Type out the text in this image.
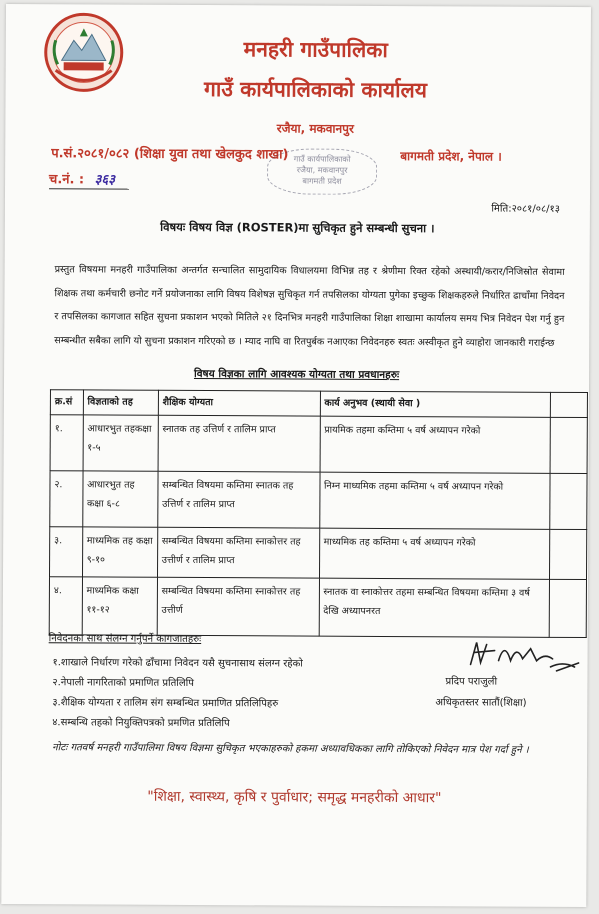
मनहरी गाउँपालिका
गाउँ कार्यपालिकाको कार्यालय
रजैया, मकवानपुर
प.सं.२०८१/०८२ (शिक्षा युवा तथा खेलकुद शाखा)	बागमती प्रदेश, नेपाल ।
गाउँ कार्यपालिकाको
रजैया, मकवानपुर
बागमती प्रदेश
च.नं. : ३६३
मिति:२०८१/०८/१३
विषयः विषय विज्ञ (ROSTER)मा सुचिकृत हुने सम्बन्धी सुचना ।
प्रस्तुत विषयमा मनहरी गाउँपालिका अन्तर्गत सन्चालित सामुदायिक विधालयमा विभिन्न तह र श्रेणीमा रिक्त रहेको अस्थायी/करार/निजिस्रोत सेवामा शिक्षक तथा कर्मचारी छनोट गर्ने प्रयोजनाका लागि विषय विशेषज्ञ सुचिकृत गर्न तपसिलका योग्यता पुगेका इच्छुक शिक्षकहरुले निर्धारित ढाचाँमा निवेदन र तपसिलका कागजात सहित सुचना प्रकाशन भएको मितिले २१ दिनभित्र मनहरी गाउँपालिका शिक्षा शाखामा कार्यालय समय भित्र निवेदन पेश गर्नु हुन सम्बन्धीत सबैका लागि यो सुचना प्रकाशन गरिएको छ । म्याद नाघि वा रितपुर्बक नआएका निवेदनहरु स्वतः अस्वीकृत हुने व्याहोरा जानकारी गराईन्छ
विषय विज्ञका लागि आवश्यक योग्यता तथा प्रवधानहरुः
क्र.सं	विज्ञताको तह	शैक्षिक योग्यता	कार्य अनुभव (स्थायी सेवा )	
१.	आधारभुत तहकक्षा १-५	स्नातक तह उत्तिर्ण र तालिम प्राप्त	प्रायमिक तहमा कम्तिमा ५ वर्ष अध्यापन गरेको	
२.	आधारभुत तह कक्षा ६-८	सम्बन्धित विषयमा कम्तिमा स्नातक तह उत्तिर्ण र तालिम प्राप्त	निम्न माध्यमिक तहमा कम्तिमा ५ वर्ष अध्यापन गरेको	
३.	माध्यमिक तह कक्षा ९-१०	सम्बन्धित विषयमा कम्तिमा स्नाकोत्तर तह उत्तीर्ण र तालिम प्राप्त	माध्यमिक तह कम्तिमा ५ वर्ष अध्यापन गरेको	
४.	माध्यमिक कक्षा ११-१२	सम्बन्धित विषयमा कम्तिमा स्नाकोत्तर तह उत्तीर्ण	स्नातक वा स्नाकोत्तर तहमा सम्बन्धित विषयमा कम्तिमा ३ वर्ष देखि अध्यापनरत	
निवेदनका साथ संलग्न गर्नुपर्ने कागजातहरुः
१.शाखाले निर्धारण गरेको ढाँचामा निवेदन यसै सुचनासाथ संलग्न रहेको
२.नेपाली नागरिताको प्रमाणित प्रतिलिपि
३.शैक्षिक योग्यता र तालिम संग सम्बन्धित प्रमाणित प्रतिलिपिहरु
४.सम्बन्धि तहको नियुक्तिपत्रको प्रमणित प्रतिलिपि
प्रदिप पराजुली
अधिकृतस्तर सातौं(शिक्षा)
नोटः गतवर्ष मनहरी गाउँपालिमा विषय विज्ञमा सुचिकृत भएकाहरुको हकमा अध्यावधिकका लागि तोकिएको निवेदन मात्र पेश गर्दा हुने ।
"शिक्षा, स्वास्थ्य, कृषि र पुर्वाधार; समृद्ध मनहरीको आधार"
